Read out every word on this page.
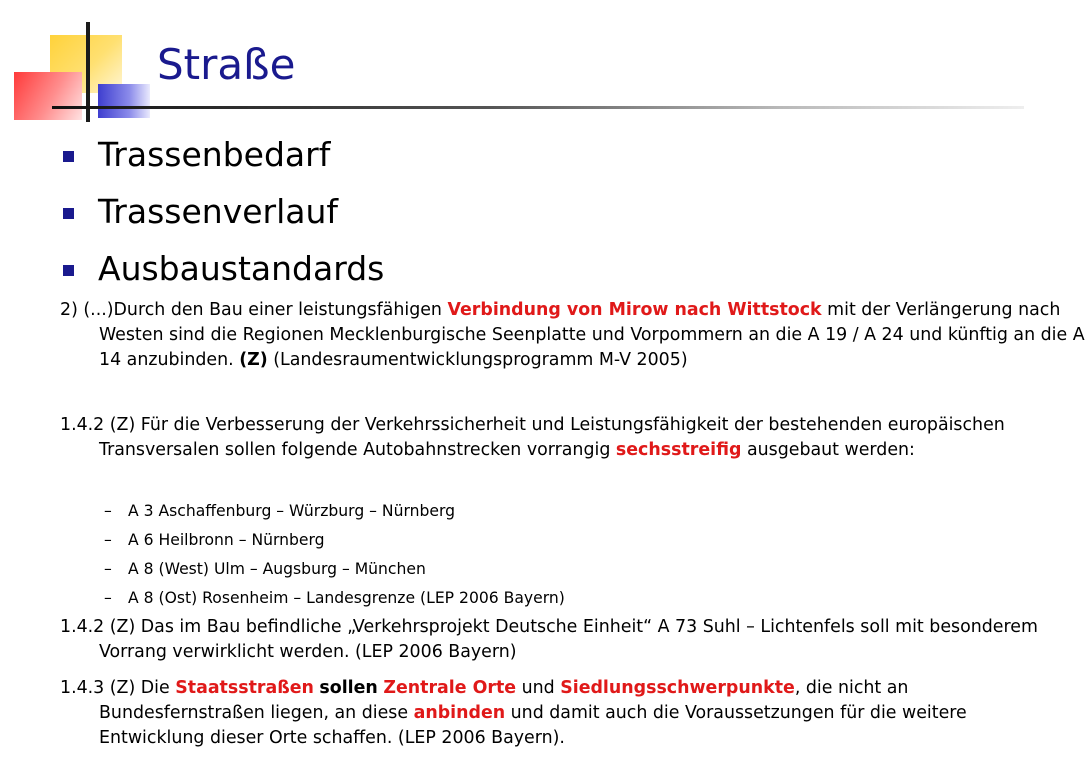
Straße
Trassenbedarf
Trassenverlauf
Ausbaustandards

2) (...)Durch den Bau einer leistungsfähigen Verbindung von Mirow nach Wittstock mit der Verlängerung nach Westen sind die Regionen Mecklenburgische Seenplatte und Vorpommern an die A 19 / A 24 und künftig an die A 14 anzubinden. (Z) (Landesraumentwicklungsprogramm M-V 2005)

1.4.2 (Z) Für die Verbesserung der Verkehrssicherheit und Leistungsfähigkeit der bestehenden europäischen Transversalen sollen folgende Autobahnstrecken vorrangig sechsstreifig ausgebaut werden:

– A 3 Aschaffenburg – Würzburg – Nürnberg
– A 6 Heilbronn – Nürnberg
– A 8 (West) Ulm – Augsburg – München
– A 8 (Ost) Rosenheim – Landesgrenze (LEP 2006 Bayern)

1.4.2 (Z) Das im Bau befindliche „Verkehrsprojekt Deutsche Einheit“ A 73 Suhl – Lichtenfels soll mit besonderem Vorrang verwirklicht werden. (LEP 2006 Bayern)

1.4.3 (Z) Die Staatsstraßen sollen Zentrale Orte und Siedlungsschwerpunkte, die nicht an Bundesfernstraßen liegen, an diese anbinden und damit auch die Voraussetzungen für die weitere Entwicklung dieser Orte schaffen. (LEP 2006 Bayern).
